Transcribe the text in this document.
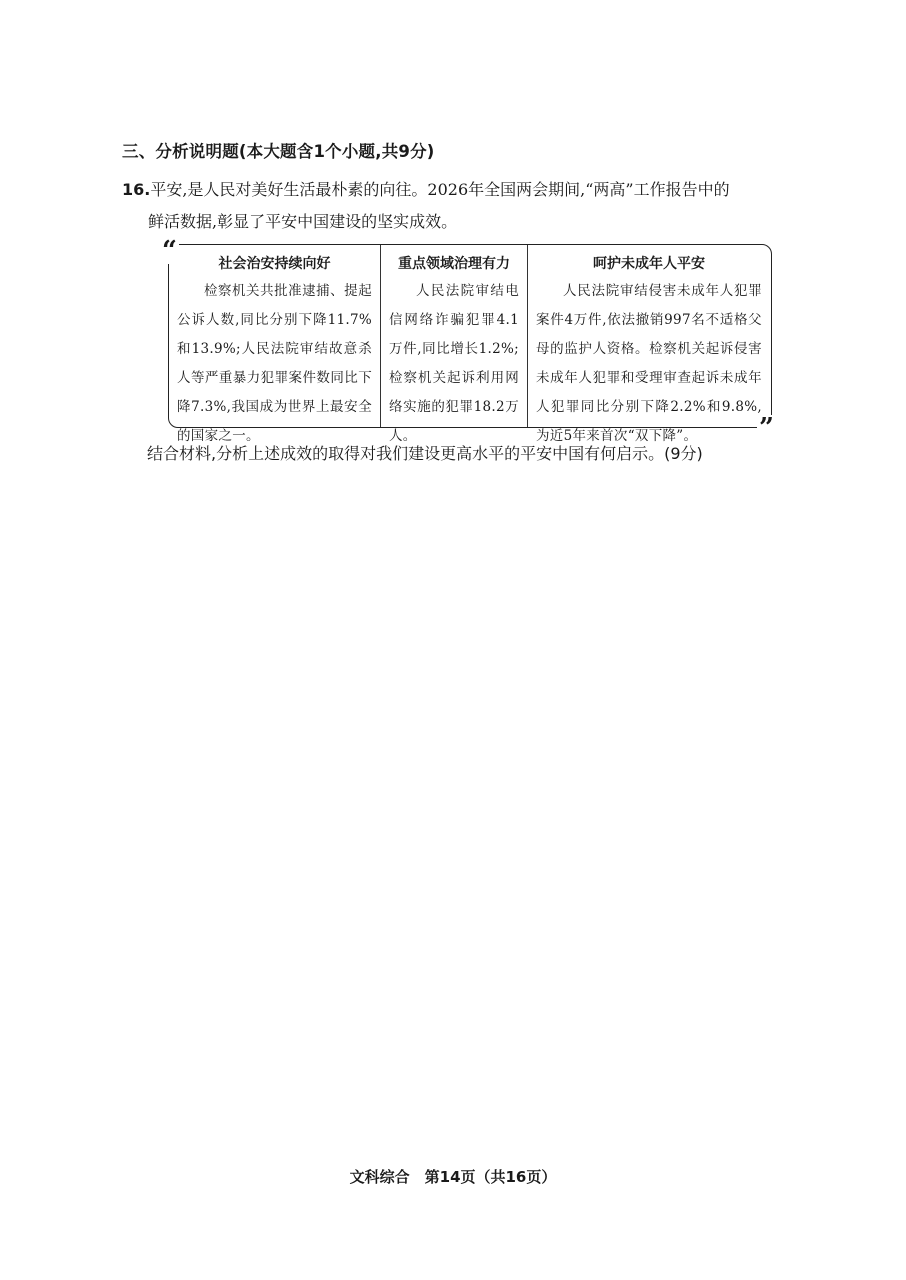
三、分析说明题(本大题含1个小题,共9分)
16.平安,是人民对美好生活最朴素的向往。2026年全国两会期间,“两高”工作报告中的
鲜活数据,彰显了平安中国建设的坚实成效。
社会治安持续向好
检察机关共批准逮捕、提起公诉人数,同比分别下降11.7%和13.9%;人民法院审结故意杀人等严重暴力犯罪案件数同比下降7.3%,我国成为世界上最安全的国家之一。
重点领域治理有力
人民法院审结电信网络诈骗犯罪4.1万件,同比增长1.2%;检察机关起诉利用网络实施的犯罪18.2万人。
呵护未成年人平安
人民法院审结侵害未成年人犯罪案件4万件,依法撤销997名不适格父母的监护人资格。检察机关起诉侵害未成年人犯罪和受理审查起诉未成年人犯罪同比分别下降2.2%和9.8%,为近5年来首次“双下降”。
“
”
结合材料,分析上述成效的取得对我们建设更高水平的平安中国有何启示。(9分)
文科综合　第14页（共16页）
